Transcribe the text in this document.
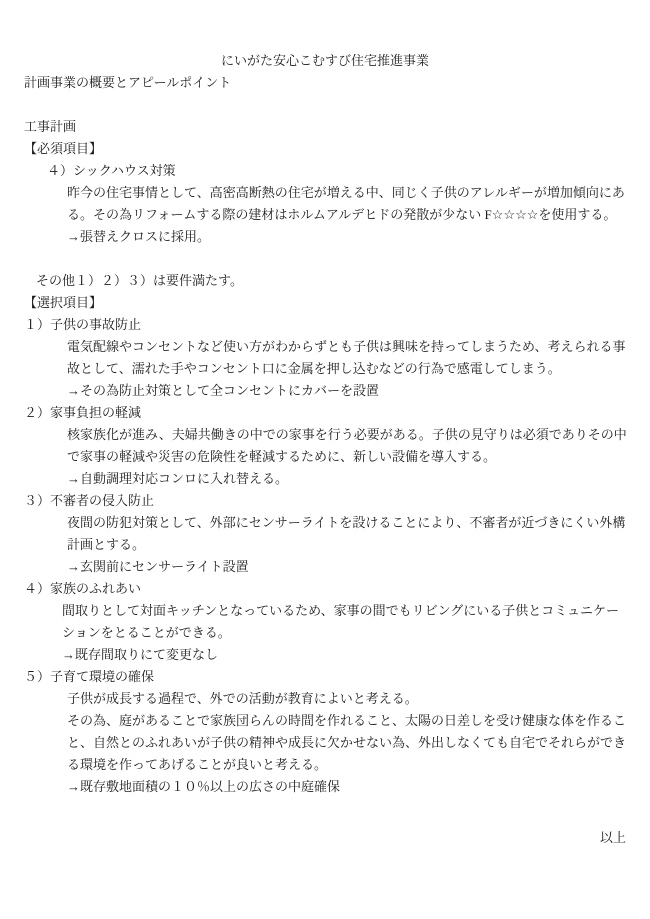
にいがた安心こむすび住宅推進事業
計画事業の概要とアピールポイント
工事計画
【必須項目】
４）シックハウス対策
昨今の住宅事情として、高密高断熱の住宅が増える中、同じく子供のアレルギーが増加傾向にあ
る。その為リフォームする際の建材はホルムアルデヒドの発散が少ない F☆☆☆☆を使用する。
→張替えクロスに採用。
その他１）２）３）は要件満たす。
【選択項目】
１）子供の事故防止
電気配線やコンセントなど使い方がわからずとも子供は興味を持ってしまうため、考えられる事
故として、濡れた手やコンセント口に金属を押し込むなどの行為で感電してしまう。
→その為防止対策として全コンセントにカバーを設置
２）家事負担の軽減
核家族化が進み、夫婦共働きの中での家事を行う必要がある。子供の見守りは必須でありその中
で家事の軽減や災害の危険性を軽減するために、新しい設備を導入する。
→自動調理対応コンロに入れ替える。
３）不審者の侵入防止
夜間の防犯対策として、外部にセンサーライトを設けることにより、不審者が近づきにくい外構
計画とする。
→玄関前にセンサーライト設置
４）家族のふれあい
間取りとして対面キッチンとなっているため、家事の間でもリビングにいる子供とコミュニケー
ションをとることができる。
→既存間取りにて変更なし
５）子育て環境の確保
子供が成長する過程で、外での活動が教育によいと考える。
その為、庭があることで家族団らんの時間を作れること、太陽の日差しを受け健康な体を作るこ
と、自然とのふれあいが子供の精神や成長に欠かせない為、外出しなくても自宅でそれらができ
る環境を作ってあげることが良いと考える。
→既存敷地面積の１０％以上の広さの中庭確保
以上
